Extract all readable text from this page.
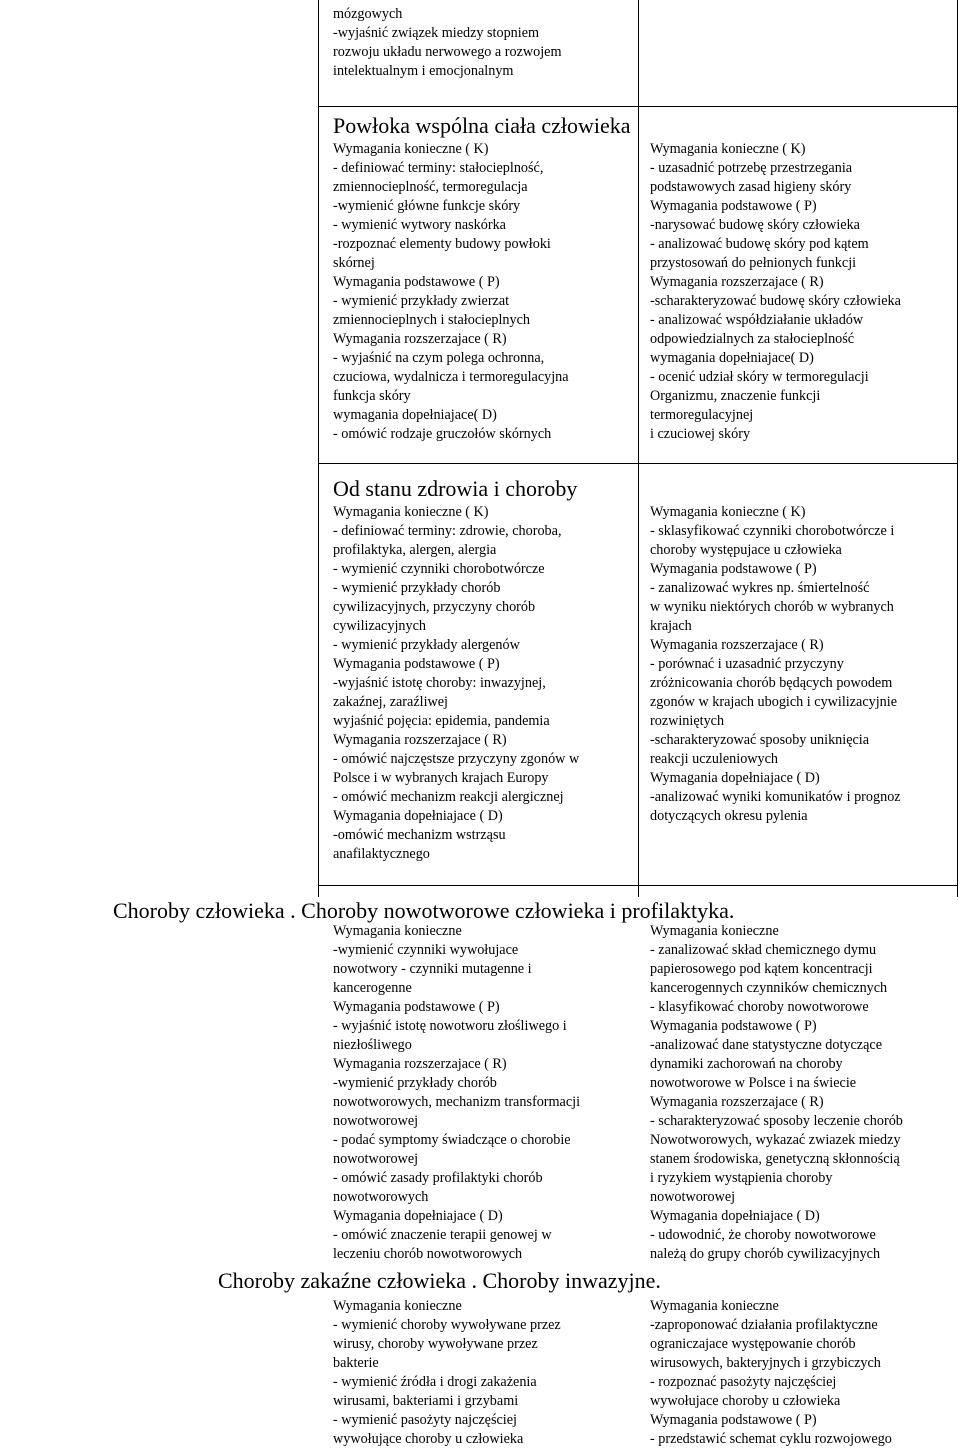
mózgowych
-wyjaśnić związek miedzy stopniem
rozwoju układu nerwowego a rozwojem
intelektualnym i emocjonalnym
Powłoka wspólna ciała człowieka
Wymagania konieczne ( K)
- definiować terminy: stałocieplność,
zmiennocieplność, termoregulacja
-wymienić główne funkcje skóry
- wymienić wytwory naskórka
-rozpoznać elementy budowy powłoki
skórnej
Wymagania podstawowe ( P)
- wymienić przykłady zwierzat
zmiennocieplnych i stałocieplnych
Wymagania rozszerzajace ( R)
- wyjaśnić na czym polega ochronna,
czuciowa, wydalnicza i termoregulacyjna
funkcja skóry
wymagania dopełniajace( D)
- omówić rodzaje gruczołów skórnych
Wymagania konieczne ( K)
- uzasadnić potrzebę przestrzegania
podstawowych zasad higieny skóry
Wymagania podstawowe ( P)
-narysować budowę skóry człowieka
- analizować budowę skóry pod kątem
przystosowań do pełnionych funkcji
Wymagania rozszerzajace ( R)
-scharakteryzować budowę skóry człowieka
- analizować współdziałanie układów
odpowiedzialnych za stałocieplność
wymagania dopełniajace( D)
- ocenić udział skóry w termoregulacji
Organizmu, znaczenie funkcji
termoregulacyjnej
i czuciowej skóry
Od stanu zdrowia i choroby
Wymagania konieczne ( K)
- definiować terminy: zdrowie, choroba,
profilaktyka, alergen, alergia
- wymienić czynniki chorobotwórcze
- wymienić przykłady chorób
cywilizacyjnych, przyczyny chorób
cywilizacyjnych
- wymienić przykłady alergenów
Wymagania podstawowe ( P)
-wyjaśnić istotę choroby: inwazyjnej,
zakaźnej, zaraźliwej
wyjaśnić pojęcia: epidemia, pandemia
Wymagania rozszerzajace ( R)
- omówić najczęstsze przyczyny zgonów w
Polsce i w wybranych krajach Europy
- omówić mechanizm reakcji alergicznej
Wymagania dopełniajace ( D)
-omówić mechanizm wstrząsu
anafilaktycznego
Wymagania konieczne ( K)
- sklasyfikować czynniki chorobotwórcze i
choroby występujace u człowieka
Wymagania podstawowe ( P)
- zanalizować wykres np. śmiertelność
w wyniku niektórych chorób w wybranych
krajach
Wymagania rozszerzajace ( R)
- porównać i uzasadnić przyczyny
zróżnicowania chorób będących powodem
zgonów w krajach ubogich i cywilizacyjnie
rozwiniętych
-scharakteryzować sposoby uniknięcia
reakcji uczuleniowych
Wymagania dopełniajace ( D)
-analizować wyniki komunikatów i prognoz
dotyczących okresu pylenia
Choroby człowieka . Choroby nowotworowe człowieka i profilaktyka.
Wymagania konieczne
-wymienić czynniki wywołujace
nowotwory - czynniki mutagenne i
kancerogenne
Wymagania podstawowe ( P)
- wyjaśnić istotę nowotworu złośliwego i
niezłośliwego
Wymagania rozszerzajace ( R)
-wymienić przykłady chorób
nowotworowych, mechanizm transformacji
nowotworowej
- podać symptomy świadczące o chorobie
nowotworowej
- omówić zasady profilaktyki chorób
nowotworowych
Wymagania dopełniajace ( D)
- omówić znaczenie terapii genowej w
leczeniu chorób nowotworowych
Wymagania konieczne
- zanalizować skład chemicznego dymu
papierosowego pod kątem koncentracji
kancerogennych czynników chemicznych
- klasyfikować choroby nowotworowe
Wymagania podstawowe ( P)
-analizować dane statystyczne dotyczące
dynamiki zachorowań na choroby
nowotworowe w Polsce i na świecie
Wymagania rozszerzajace ( R)
- scharakteryzować sposoby leczenie chorób
Nowotworowych, wykazać zwiazek miedzy
stanem środowiska, genetyczną skłonnością
i ryzykiem wystąpienia choroby
nowotworowej
Wymagania dopełniajace ( D)
- udowodnić, że choroby nowotworowe
należą do grupy chorób cywilizacyjnych
Choroby zakaźne człowieka . Choroby inwazyjne.
Wymagania konieczne
- wymienić choroby wywoływane przez
wirusy, choroby wywoływane przez
bakterie
- wymienić źródła i drogi zakażenia
wirusami, bakteriami i grzybami
- wymienić pasożyty najczęściej
wywołujące choroby u człowieka
Wymagania konieczne
-zaproponować działania profilaktyczne
ograniczajace występowanie chorób
wirusowych, bakteryjnych i grzybiczych
- rozpoznać pasożyty najczęściej
wywołujace choroby u człowieka
Wymagania podstawowe ( P)
- przedstawić schemat cyklu rozwojowego
